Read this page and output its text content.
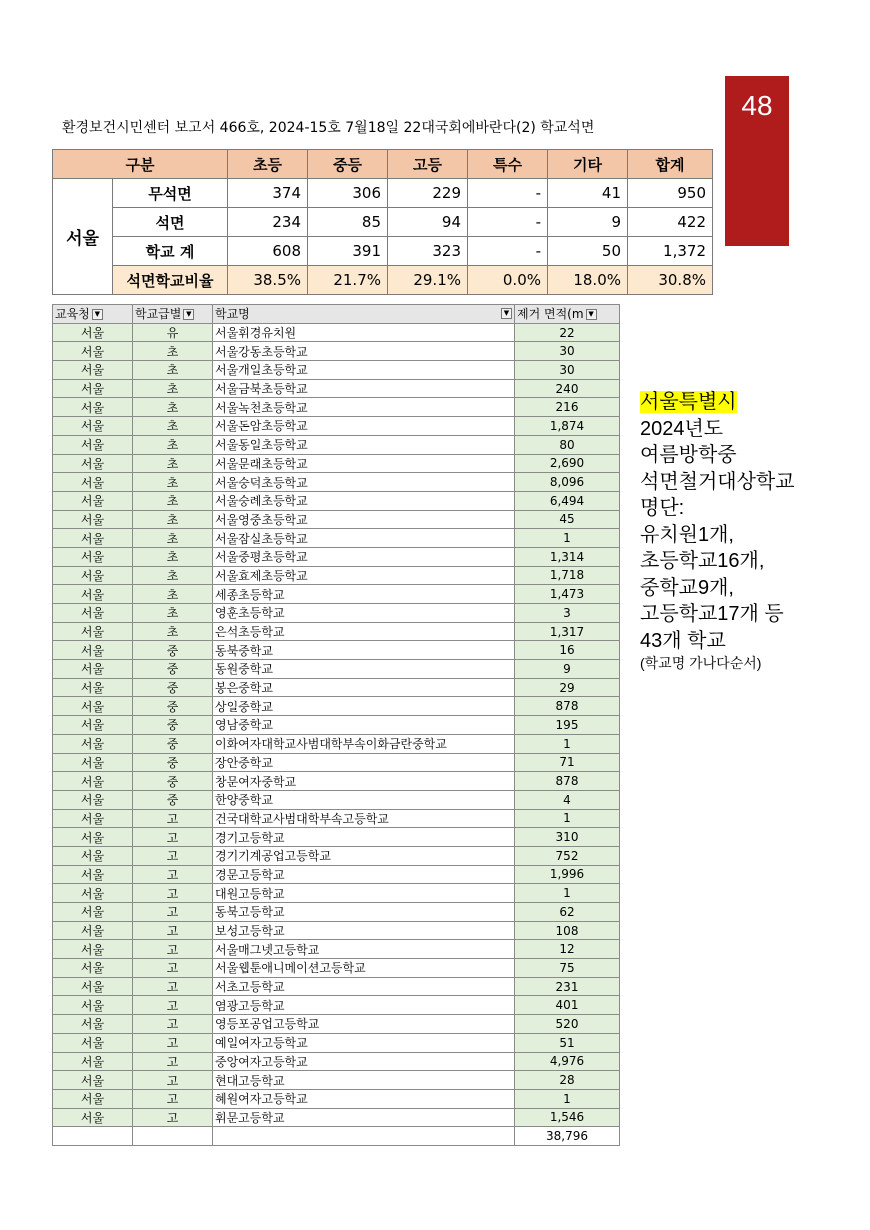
48
환경보건시민센터 보고서 466호, 2024-15호 7월18일 22대국회에바란다(2) 학교석면
구분		초등	중등	고등	특수	기타	합계
서울	무석면	374	306	229	-	41	950
	석면	234	85	94	-	9	422
	학교 계	608	391	323	-	50	1,372
	석면학교비율	38.5%	21.7%	29.1%	0.0%	18.0%	30.8%
교육청 ▼	학교급별 ▼	학교명 ▼	제거 면적(m ▼
서울	유	서울휘경유치원	22
서울	초	서울강동초등학교	30
서울	초	서울개일초등학교	30
서울	초	서울금북초등학교	240
서울	초	서울녹천초등학교	216
서울	초	서울돈암초등학교	1,874
서울	초	서울동일초등학교	80
서울	초	서울문래초등학교	2,690
서울	초	서울숭덕초등학교	8,096
서울	초	서울숭례초등학교	6,494
서울	초	서울영중초등학교	45
서울	초	서울잠실초등학교	1
서울	초	서울중평초등학교	1,314
서울	초	서울효제초등학교	1,718
서울	초	세종초등학교	1,473
서울	초	영훈초등학교	3
서울	초	은석초등학교	1,317
서울	중	동북중학교	16
서울	중	동원중학교	9
서울	중	봉은중학교	29
서울	중	상일중학교	878
서울	중	영남중학교	195
서울	중	이화여자대학교사범대학부속이화금란중학교	1
서울	중	장안중학교	71
서울	중	창문여자중학교	878
서울	중	한양중학교	4
서울	고	건국대학교사범대학부속고등학교	1
서울	고	경기고등학교	310
서울	고	경기기계공업고등학교	752
서울	고	경문고등학교	1,996
서울	고	대원고등학교	1
서울	고	동북고등학교	62
서울	고	보성고등학교	108
서울	고	서울매그넷고등학교	12
서울	고	서울웹툰애니메이션고등학교	75
서울	고	서초고등학교	231
서울	고	염광고등학교	401
서울	고	영등포공업고등학교	520
서울	고	예일여자고등학교	51
서울	고	중앙여자고등학교	4,976
서울	고	현대고등학교	28
서울	고	혜원여자고등학교	1
서울	고	휘문고등학교	1,546
			38,796
서울특별시
2024년도
여름방학중
석면철거대상학교
명단:
유치원1개,
초등학교16개,
중학교9개,
고등학교17개 등
43개 학교
(학교명 가나다순서)
